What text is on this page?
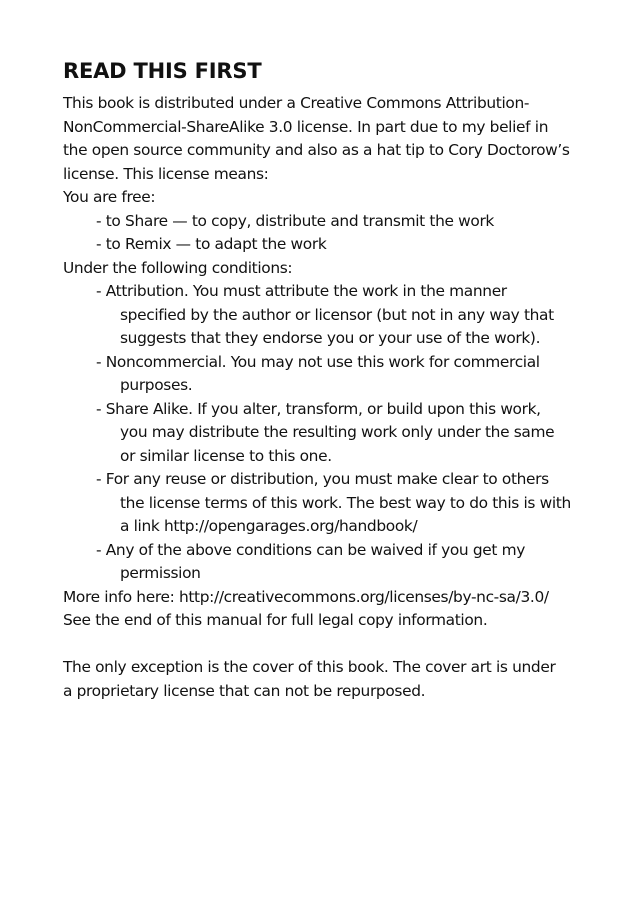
READ THIS FIRST

This book is distributed under a Creative Commons Attribution-

NonCommercial-ShareAlike 3.0 license. In part due to my belief in

the open source community and also as a hat tip to Cory Doctorow’s

license. This license means:

You are free:

- to Share — to copy, distribute and transmit the work

- to Remix — to adapt the work

Under the following conditions:

- Attribution. You must attribute the work in the manner

specified by the author or licensor (but not in any way that

suggests that they endorse you or your use of the work).

- Noncommercial. You may not use this work for commercial

purposes.

- Share Alike. If you alter, transform, or build upon this work,

you may distribute the resulting work only under the same

or similar license to this one.

- For any reuse or distribution, you must make clear to others

the license terms of this work. The best way to do this is with

a link http://opengarages.org/handbook/

- Any of the above conditions can be waived if you get my

permission

More info here: http://creativecommons.org/licenses/by-nc-sa/3.0/

See the end of this manual for full legal copy information.

The only exception is the cover of this book. The cover art is under

a proprietary license that can not be repurposed.
